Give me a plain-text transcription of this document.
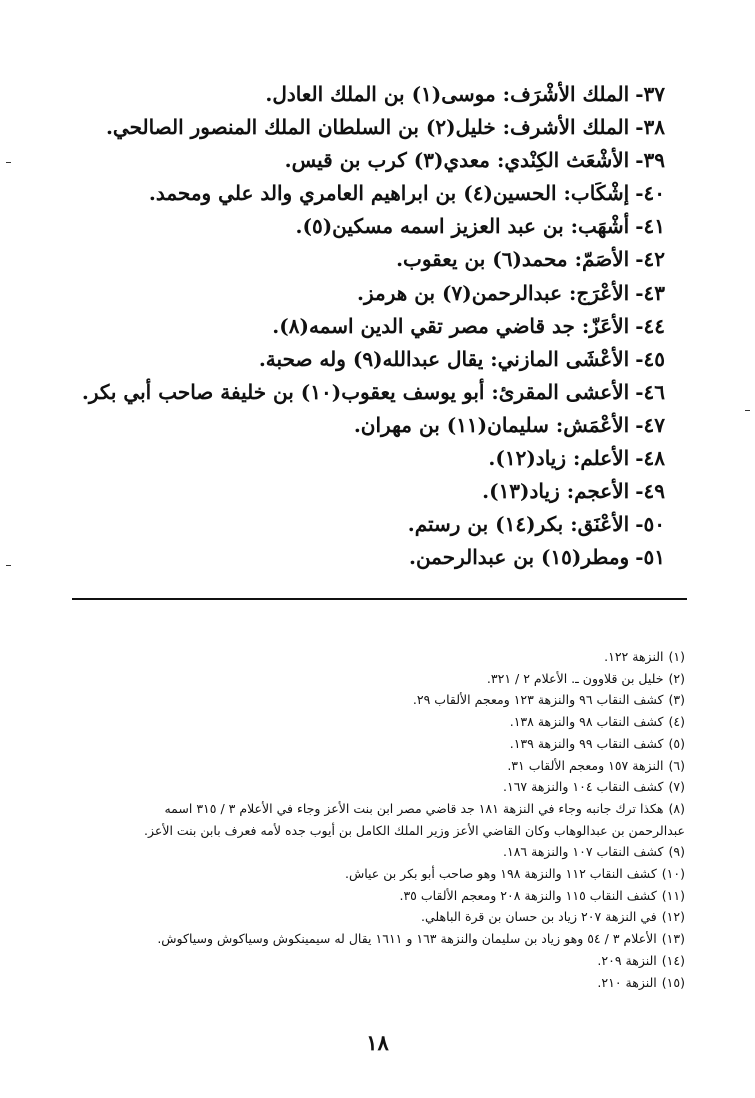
٣٧-الملك الأشْرَف: موسى(١) بن الملك العادل.
٣٨-الملك الأشرف: خليل(٢) بن السلطان الملك المنصور الصالحي.
٣٩-الأشْعَث الكِنْدي: معدي(٣) كرب بن قيس.
٤٠-إشْكَاب: الحسين(٤) بن ابراهيم العامري والد علي ومحمد.
٤١-أشْهَب: بن عبد العزيز اسمه مسكين(٥).
٤٢-الأصَمّ: محمد(٦) بن يعقوب.
٤٣-الأعْرَج: عبدالرحمن(٧) بن هرمز.
٤٤-الأعَزّ: جد قاضي مصر تقي الدين اسمه(٨).
٤٥-الأعْشَى المازني: يقال عبدالله(٩) وله صحبة.
٤٦-الأعشى المقرئ: أبو يوسف يعقوب(١٠) بن خليفة صاحب أبي بكر.
٤٧-الأعْمَش: سليمان(١١) بن مهران.
٤٨-الأعلم: زياد(١٢).
٤٩-الأعجم: زياد(١٣).
٥٠-الأعْنَق: بكر(١٤) بن رستم.
٥١-ومطر(١٥) بن عبدالرحمن.
(١)النزهة ١٢٢.
(٢)خليل بن قلاوون ـ. الأعلام ٢ / ٣٢١.
(٣)كشف النقاب ٩٦ والنزهة ١٢٣ ومعجم الألقاب ٢٩.
(٤)كشف النقاب ٩٨ والنزهة ١٣٨.
(٥)كشف النقاب ٩٩ والنزهة ١٣٩.
(٦)النزهة ١٥٧ ومعجم الألقاب ٣١.
(٧)كشف النقاب ١٠٤ والنزهة ١٦٧.
(٨)هكذا ترك جانبه وجاء في النزهة ١٨١ جد قاضي مصر ابن بنت الأعز وجاء في الأعلام ٣ / ٣١٥ اسمه
عبدالرحمن بن عبدالوهاب وكان القاضي الأعز وزير الملك الكامل بن أيوب جده لأمه فعرف بابن بنت الأعز.
(٩)كشف النقاب ١٠٧ والنزهة ١٨٦.
(١٠)كشف النقاب ١١٢ والنزهة ١٩٨ وهو صاحب أبو بكر بن عياش.
(١١)كشف النقاب ١١٥ والنزهة ٢٠٨ ومعجم الألقاب ٣٥.
(١٢)في النزهة ٢٠٧ زياد بن حسان بن قرة الباهلي.
(١٣)الأعلام ٣ / ٥٤ وهو زياد بن سليمان والنزهة ١٦٣ و ١٦١١ يقال له سيمينكوش وسياكوش وسياكوش.
(١٤)النزهة ٢٠٩.
(١٥)النزهة ٢١٠.
١٨
